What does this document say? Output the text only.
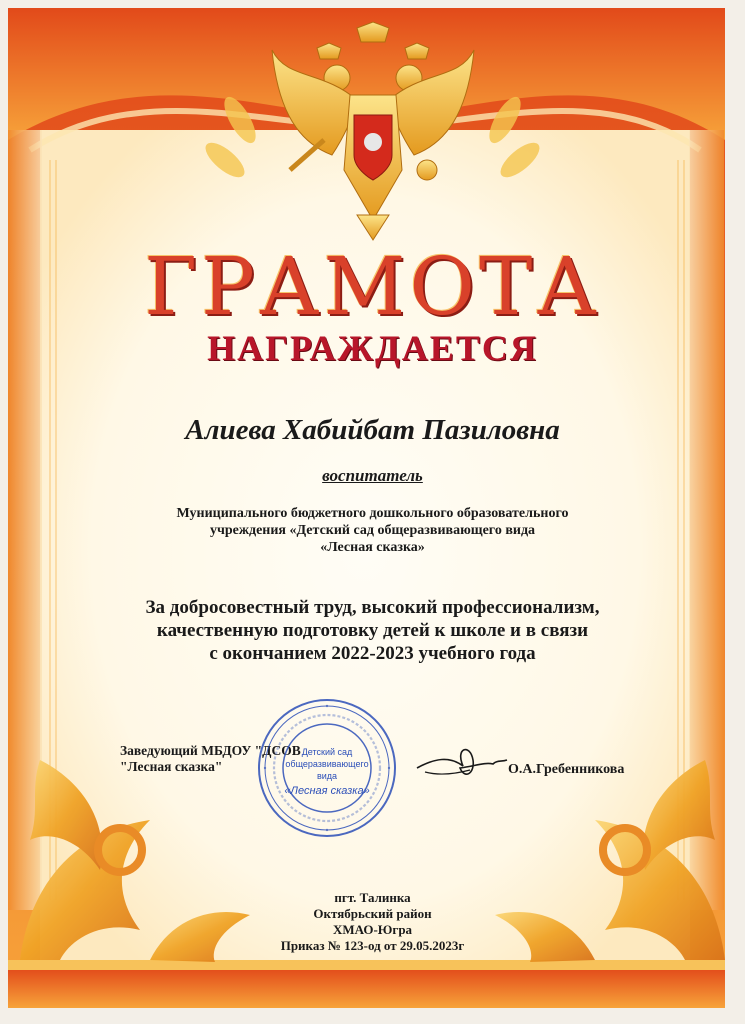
ГРАМОТА
НАГРАЖДАЕТСЯ
Алиева Хабийбат Пазиловна
воспитатель
Муниципального бюджетного дошкольного образовательного
учреждения «Детский сад общеразвивающего вида
«Лесная сказка»
За добросовестный труд, высокий профессионализм,
качественную подготовку детей к школе и в связи
с окончанием 2022-2023 учебного года
Заведующий МБДОУ "ДСОВ
"Лесная сказка"
Детский сад
общеразвивающего
вида
«Лесная сказка»
О.А.Гребенникова
пгт. Талинка
Октябрьский район
ХМАО-Югра
Приказ № 123-од от 29.05.2023г
